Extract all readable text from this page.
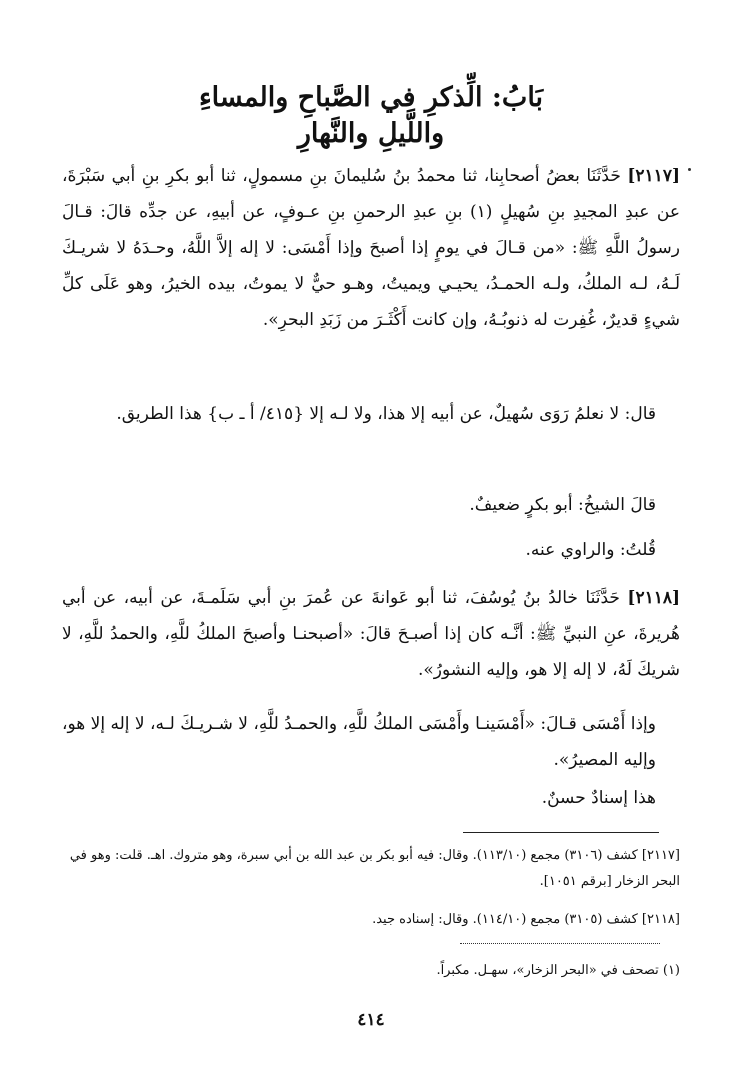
بَابُ: الِّذكرِ في الصَّباحِ والمساءِ
واللَّيلِ والنَّهارِ

[٢١١٧] حَدَّثَنَا بعضُ أصحابِنا، ثنا محمدُ بنُ سُليمانَ بنِ مسمولٍ، ثنا أبو بكرِ بنِ أبي سَبْرَةَ، عن عبدِ المجيدِ بنِ سُهيلٍ (١) بنِ عبدِ الرحمنِ بنِ عـوفٍ، عن أبيهِ، عن جدِّه قالَ: قـالَ رسولُ اللَّهِ ﷺ: «من قـالَ في يومٍ إذا أصبحَ وإذا أَمْسَى: لا إله إلاَّ اللَّهُ، وحـدَهُ لا شريـكَ لَـهُ، لـه الملكُ، ولـه الحمـدُ، يحيـي ويميتُ، وهـو حيٌّ لا يموتُ، بيده الخيرُ، وهو عَلَى كلِّ شيءٍ قديرٌ، غُفِرت له ذنوبُـهُ، وإن كانت أَكْثَـرَ من زَبَدِ البحرِ».

قال: لا نعلمُ رَوَى سُهيلٌ، عن أبيه إلا هذا، ولا لـه إلا {٤١٥/ أ ـ ب} هذا الطريق.
قالَ الشيخُ: أبو بكرٍ ضعيفٌ.
قُلتُ: والراوي عنه.

[٢١١٨] حَدَّثَنَا خالدُ بنُ يُوسُفَ، ثنا أبو عَوانةَ عن عُمرَ بنِ أبي سَلَمـةَ، عن أبيه، عن أبي هُريرةَ، عنِ النبيِّ ﷺ: أنَّـه كان إذا أصبـحَ قالَ: «أصبحنـا وأصبحَ الملكُ للَّهِ، والحمدُ للَّهِ، لا شريكَ لَهُ، لا إله إلا هو، وإليه النشورُ».

وإذا أَمْسَى قـالَ: «أَمْسَينـا وأَمْسَى الملكُ للَّهِ، والحمـدُ للَّهِ، لا شـريـكَ لـه، لا إله إلا هو، وإليه المصيرُ».
هذا إسنادٌ حسنٌ.
[٢١١٧] كشف (٣١٠٦) مجمع (١١٣/١٠). وقال: فيه أبو بكر بن عبد الله بن أبي سبرة، وهو متروك. اهـ. قلت: وهو في البحر الزخار [برقم ١٠٥١].
[٢١١٨] كشف (٣١٠٥) مجمع (١١٤/١٠). وقال: إسناده جيد.
(١) تصحف في «البحر الزخار»، سهـل. مكبراً.
٤١٤
